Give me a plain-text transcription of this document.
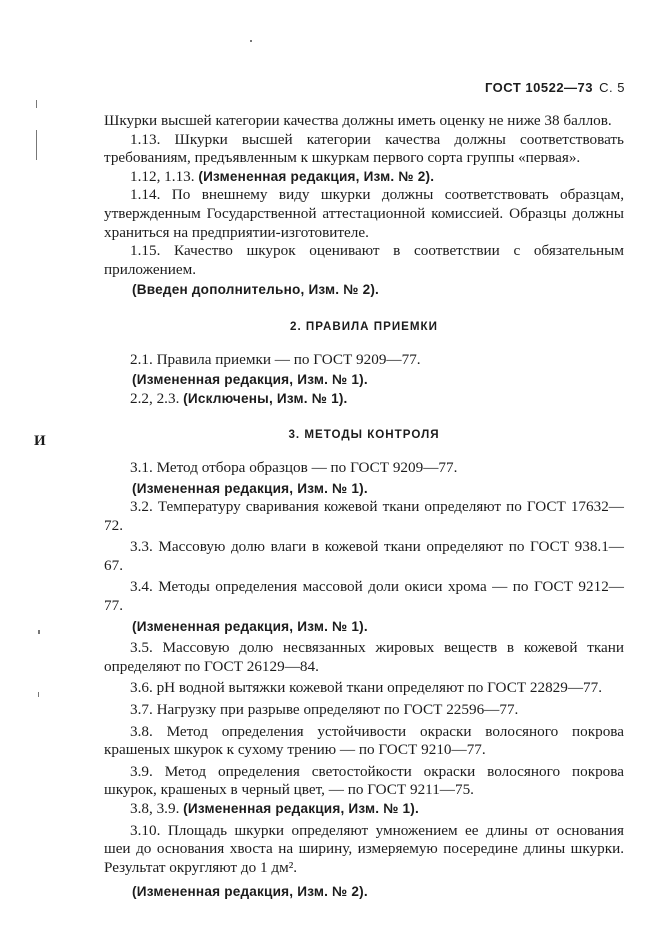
ГОСТ 10522—73 С. 5
И

Шкурки высшей категории качества должны иметь оценку не ниже 38 баллов.

1.13. Шкурки высшей категории качества должны соответствовать требованиям, предъявленным к шкуркам первого сорта группы «первая».

1.12, 1.13. (Измененная редакция, Изм. № 2).

1.14. По внешнему виду шкурки должны соответствовать образцам, утвержденным Государственной аттестационной комиссией. Образцы должны храниться на предприятии-изготовителе.

1.15. Качество шкурок оценивают в соответствии с обязательным приложением.

(Введен дополнительно, Изм. № 2).

2. ПРАВИЛА ПРИЕМКИ

2.1. Правила приемки — по ГОСТ 9209—77.

(Измененная редакция, Изм. № 1).

2.2, 2.3. (Исключены, Изм. № 1).

3. МЕТОДЫ КОНТРОЛЯ

3.1. Метод отбора образцов — по ГОСТ 9209—77.

(Измененная редакция, Изм. № 1).

3.2. Температуру сваривания кожевой ткани определяют по ГОСТ 17632—72.

3.3. Массовую долю влаги в кожевой ткани определяют по ГОСТ 938.1—67.

3.4. Методы определения массовой доли окиси хрома — по ГОСТ 9212—77.

(Измененная редакция, Изм. № 1).

3.5. Массовую долю несвязанных жировых веществ в кожевой ткани определяют по ГОСТ 26129—84.

3.6. pH водной вытяжки кожевой ткани определяют по ГОСТ 22829—77.

3.7. Нагрузку при разрыве определяют по ГОСТ 22596—77.

3.8. Метод определения устойчивости окраски волосяного покрова крашеных шкурок к сухому трению — по ГОСТ 9210—77.

3.9. Метод определения светостойкости окраски волосяного покрова шкурок, крашеных в черный цвет, — по ГОСТ 9211—75.

3.8, 3.9. (Измененная редакция, Изм. № 1).

3.10. Площадь шкурки определяют умножением ее длины от основания шеи до основания хвоста на ширину, измеряемую посередине длины шкурки. Результат округляют до 1 дм².

(Измененная редакция, Изм. № 2).
